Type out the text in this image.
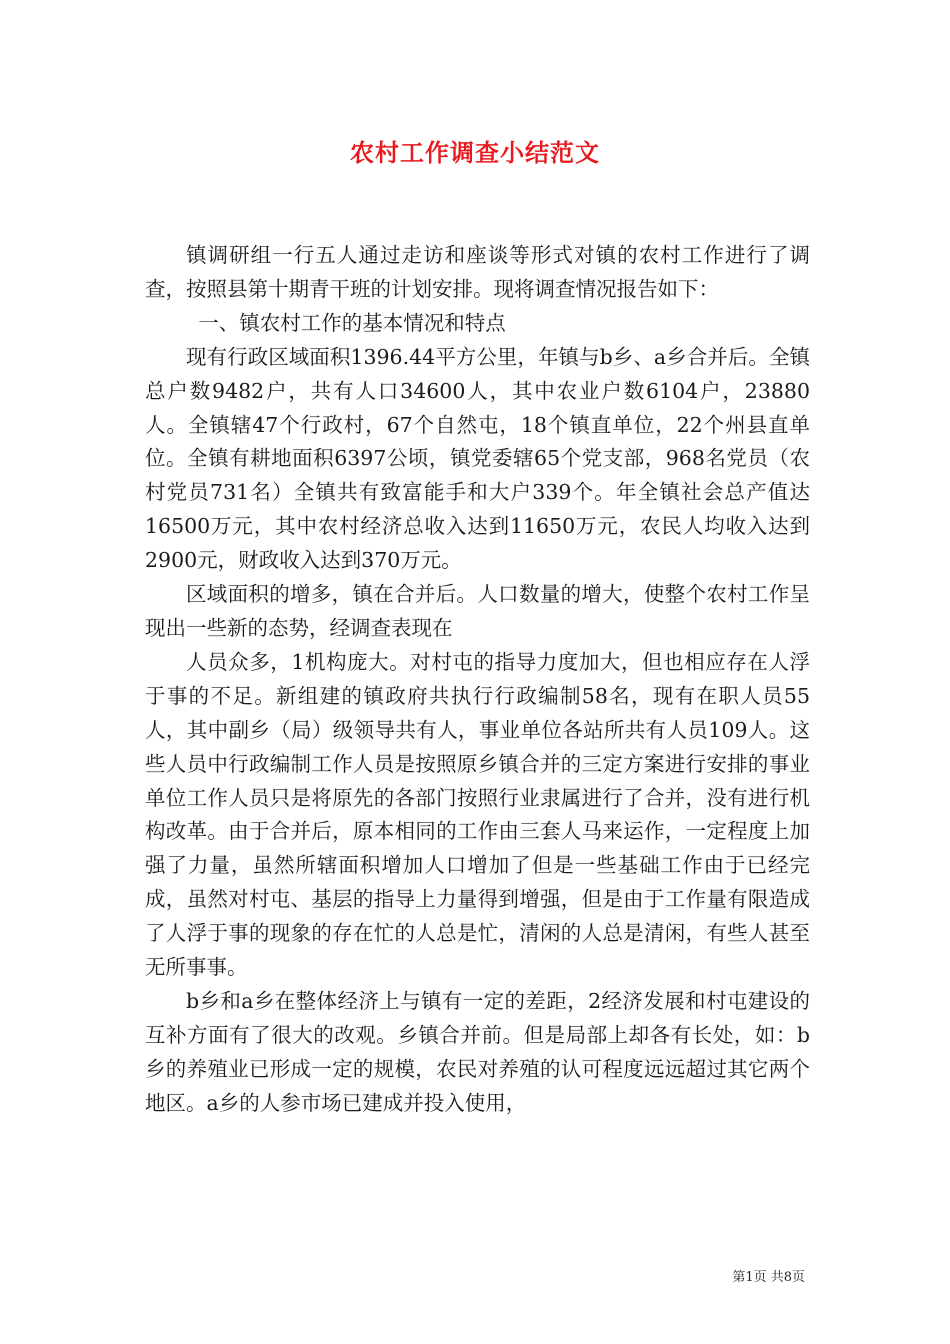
农村工作调查小结范文

镇调研组一行五人通过走访和座谈等形式对镇的农村工作进行了调查，按照县第十期青干班的计划安排。现将调查情况报告如下：

一、镇农村工作的基本情况和特点

现有行政区域面积1396.44平方公里，年镇与b乡、a乡合并后。全镇总户数9482户，共有人口34600人，其中农业户数6104户，23880人。全镇辖47个行政村，67个自然屯，18个镇直单位，22个州县直单位。全镇有耕地面积6397公顷，镇党委辖65个党支部，968名党员（农村党员731名）全镇共有致富能手和大户339个。年全镇社会总产值达16500万元，其中农村经济总收入达到11650万元，农民人均收入达到2900元，财政收入达到370万元。

区域面积的增多，镇在合并后。人口数量的增大，使整个农村工作呈现出一些新的态势，经调查表现在

人员众多，1机构庞大。对村屯的指导力度加大，但也相应存在人浮于事的不足。新组建的镇政府共执行行政编制58名，现有在职人员55人，其中副乡（局）级领导共有人，事业单位各站所共有人员109人。这些人员中行政编制工作人员是按照原乡镇合并的三定方案进行安排的事业单位工作人员只是将原先的各部门按照行业隶属进行了合并，没有进行机构改革。由于合并后，原本相同的工作由三套人马来运作，一定程度上加强了力量，虽然所辖面积增加人口增加了但是一些基础工作由于已经完成，虽然对村屯、基层的指导上力量得到增强，但是由于工作量有限造成了人浮于事的现象的存在忙的人总是忙，清闲的人总是清闲，有些人甚至无所事事。

b乡和a乡在整体经济上与镇有一定的差距，2经济发展和村屯建设的互补方面有了很大的改观。乡镇合并前。但是局部上却各有长处，如：b乡的养殖业已形成一定的规模，农民对养殖的认可程度远远超过其它两个地区。a乡的人参市场已建成并投入使用，

第1页 共8页
